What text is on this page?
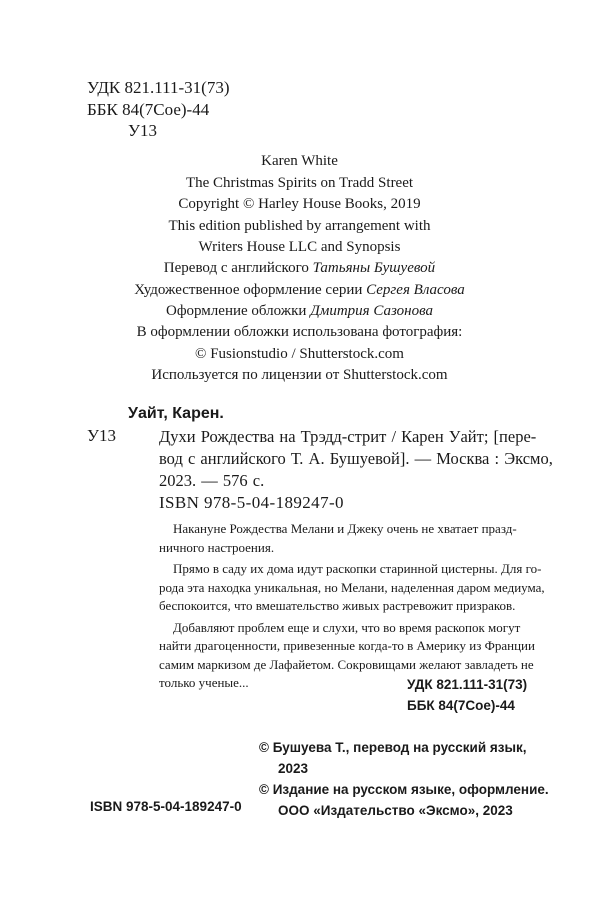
УДК 821.111-31(73)
ББК 84(7Сое)-44
У13
Karen White
The Christmas Spirits on Tradd Street
Copyright © Harley House Books, 2019
This edition published by arrangement with
Writers House LLC and Synopsis
Перевод с английского Татьяны Бушуевой
Художественное оформление серии Сергея Власова
Оформление обложки Дмитрия Сазонова
В оформлении обложки использована фотография:
© Fusionstudio / Shutterstock.com
Используется по лицензии от Shutterstock.com
Уайт, Карен.
У13	Духи Рождества на Трэдд-стрит / Карен Уайт; [пере-
вод с английского Т. А. Бушуевой]. — Москва : Эксмо,
2023. — 576 с.
ISBN 978-5-04-189247-0
Накануне Рождества Мелани и Джеку очень не хватает празд-
ничного настроения.
Прямо в саду их дома идут раскопки старинной цистерны. Для го-
рода эта находка уникальная, но Мелани, наделенная даром медиума,
беспокоится, что вмешательство живых растревожит призраков.
Добавляют проблем еще и слухи, что во время раскопок могут
найти драгоценности, привезенные когда-то в Америку из Франции
самим маркизом де Лафайетом. Сокровищами желают завладеть не
только ученые...	УДК 821.111-31(73)
ББК 84(7Сое)-44
© Бушуева Т., перевод на русский язык,
2023
© Издание на русском языке, оформление.
ООО «Издательство «Эксмо», 2023
ISBN 978-5-04-189247-0
